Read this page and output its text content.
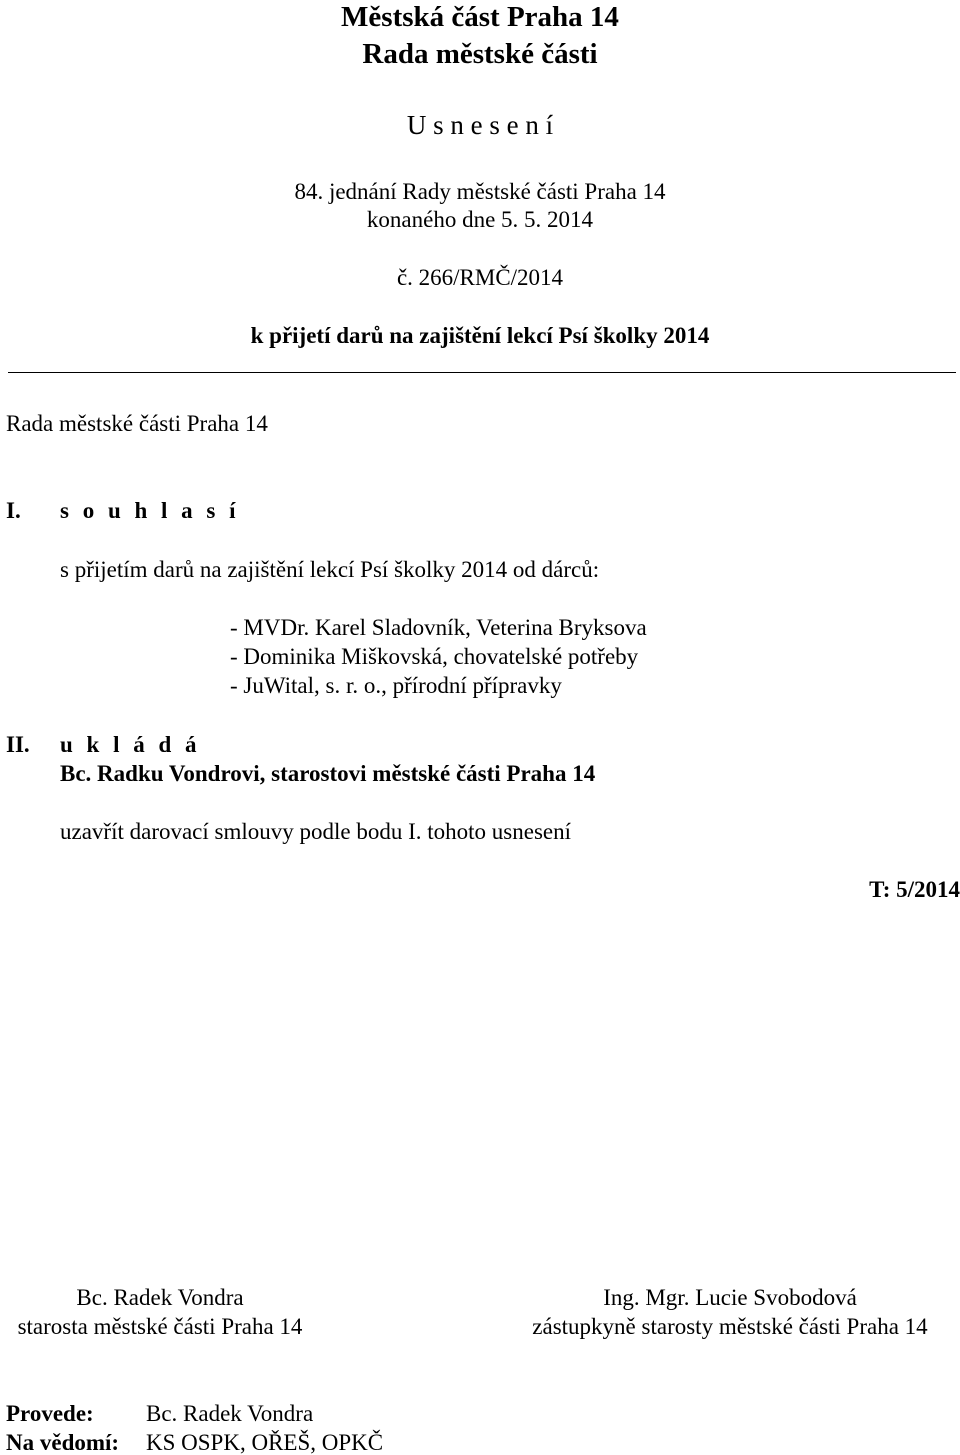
Městská část Praha 14
Rada městské části
U s n e s e n í
84. jednání Rady městské části Praha 14
konaného dne 5. 5. 2014
č. 266/RMČ/2014
k přijetí darů na zajištění lekcí Psí školky 2014
Rada městské části Praha 14
I. s o u h l a s í
s přijetím darů na zajištění lekcí Psí školky 2014 od dárců:
- MVDr. Karel Sladovník, Veterina Bryksova
- Dominika Miškovská, chovatelské potřeby
- JuWital, s. r. o., přírodní přípravky
II. u k l á d á
Bc. Radku Vondrovi, starostovi městské části Praha 14
uzavřít darovací smlouvy podle bodu I. tohoto usnesení
T: 5/2014
Bc. Radek Vondra
starosta městské části Praha 14
Ing. Mgr. Lucie Svobodová
zástupkyně starosty městské části Praha 14
Provede: Bc. Radek Vondra
Na vědomí: KS OSPK, OŘEŠ, OPKČ
